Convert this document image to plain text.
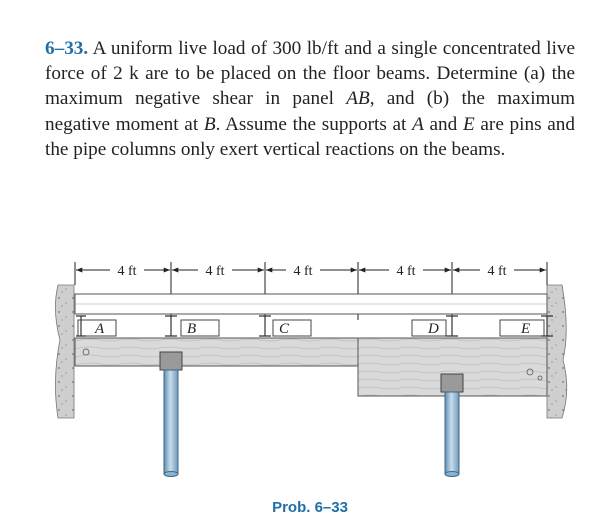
6–33. A uniform live load of 300 lb/ft and a single concentrated live force of 2 k are to be placed on the floor beams. Determine (a) the maximum negative shear in panel AB, and (b) the maximum negative moment at B. Assume the supports at A and E are pins and the pipe columns only exert vertical reactions on the beams.
4 ft	4 ft	4 ft	4 ft	4 ft
A	B	C	D	E
Prob. 6–33
